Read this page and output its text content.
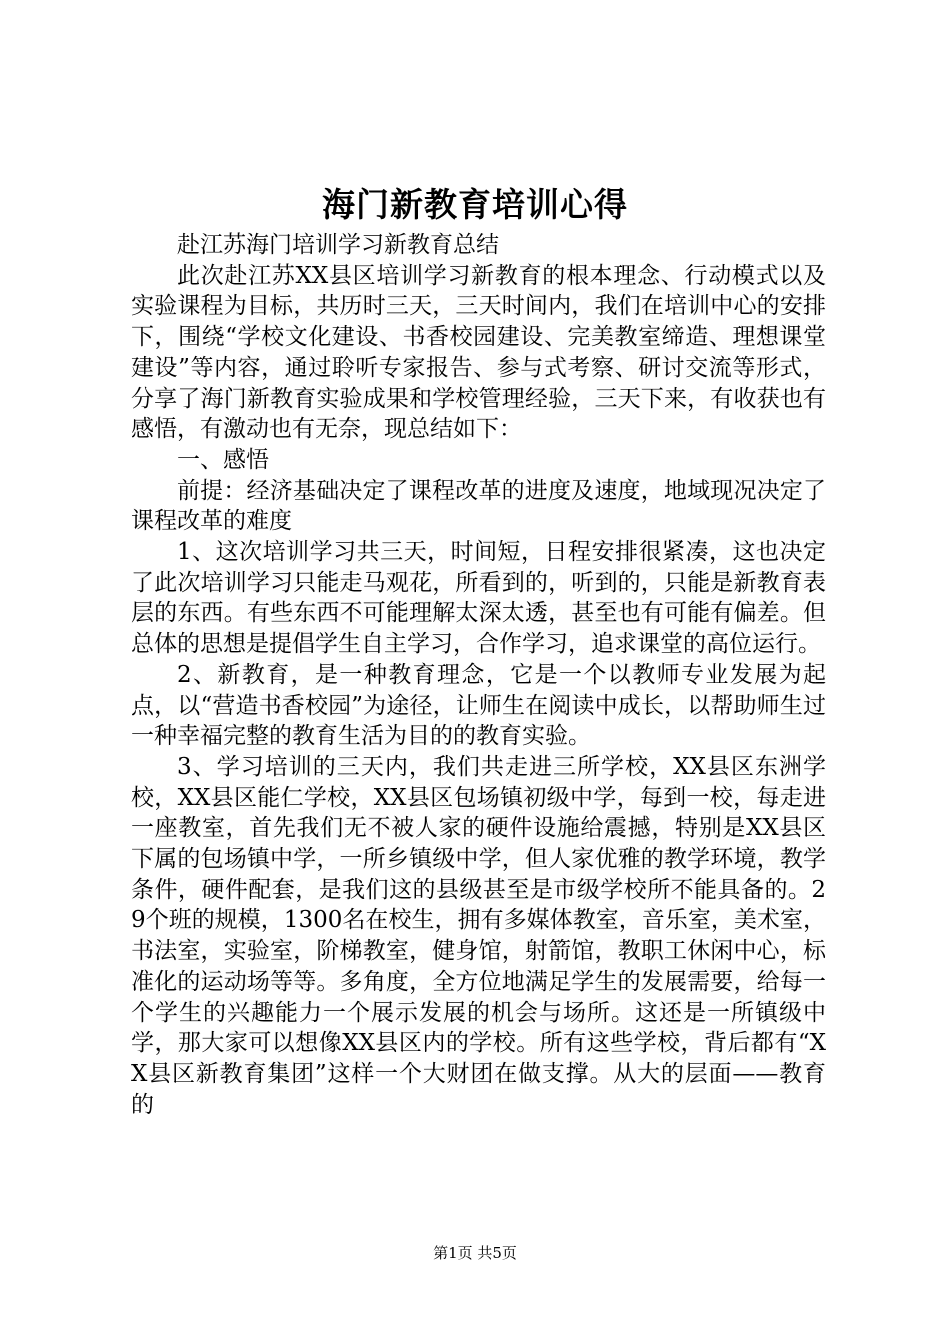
海门新教育培训心得

赴江苏海门培训学习新教育总结

此次赴江苏XX县区培训学习新教育的根本理念、行动模式以及实验课程为目标，共历时三天，三天时间内，我们在培训中心的安排下，围绕“学校文化建设、书香校园建设、完美教室缔造、理想课堂建设”等内容，通过聆听专家报告、参与式考察、研讨交流等形式，分享了海门新教育实验成果和学校管理经验，三天下来，有收获也有感悟，有激动也有无奈，现总结如下：

一、感悟

前提：经济基础决定了课程改革的进度及速度，地域现况决定了课程改革的难度

1、这次培训学习共三天，时间短，日程安排很紧凑，这也决定了此次培训学习只能走马观花，所看到的，听到的，只能是新教育表层的东西。有些东西不可能理解太深太透，甚至也有可能有偏差。但总体的思想是提倡学生自主学习，合作学习，追求课堂的高位运行。

2、新教育，是一种教育理念，它是一个以教师专业发展为起点，以“营造书香校园”为途径，让师生在阅读中成长，以帮助师生过一种幸福完整的教育生活为目的的教育实验。

3、学习培训的三天内，我们共走进三所学校，XX县区东洲学校，XX县区能仁学校，XX县区包场镇初级中学，每到一校，每走进一座教室，首先我们无不被人家的硬件设施给震撼，特别是XX县区下属的包场镇中学，一所乡镇级中学，但人家优雅的教学环境，教学条件，硬件配套，是我们这的县级甚至是市级学校所不能具备的。29个班的规模，1300名在校生，拥有多媒体教室，音乐室，美术室，书法室，实验室，阶梯教室，健身馆，射箭馆，教职工休闲中心，标准化的运动场等等。多角度，全方位地满足学生的发展需要，给每一个学生的兴趣能力一个展示发展的机会与场所。这还是一所镇级中学，那大家可以想像XX县区内的学校。所有这些学校，背后都有“XX县区新教育集团”这样一个大财团在做支撑。从大的层面——教育的

第1页 共5页
